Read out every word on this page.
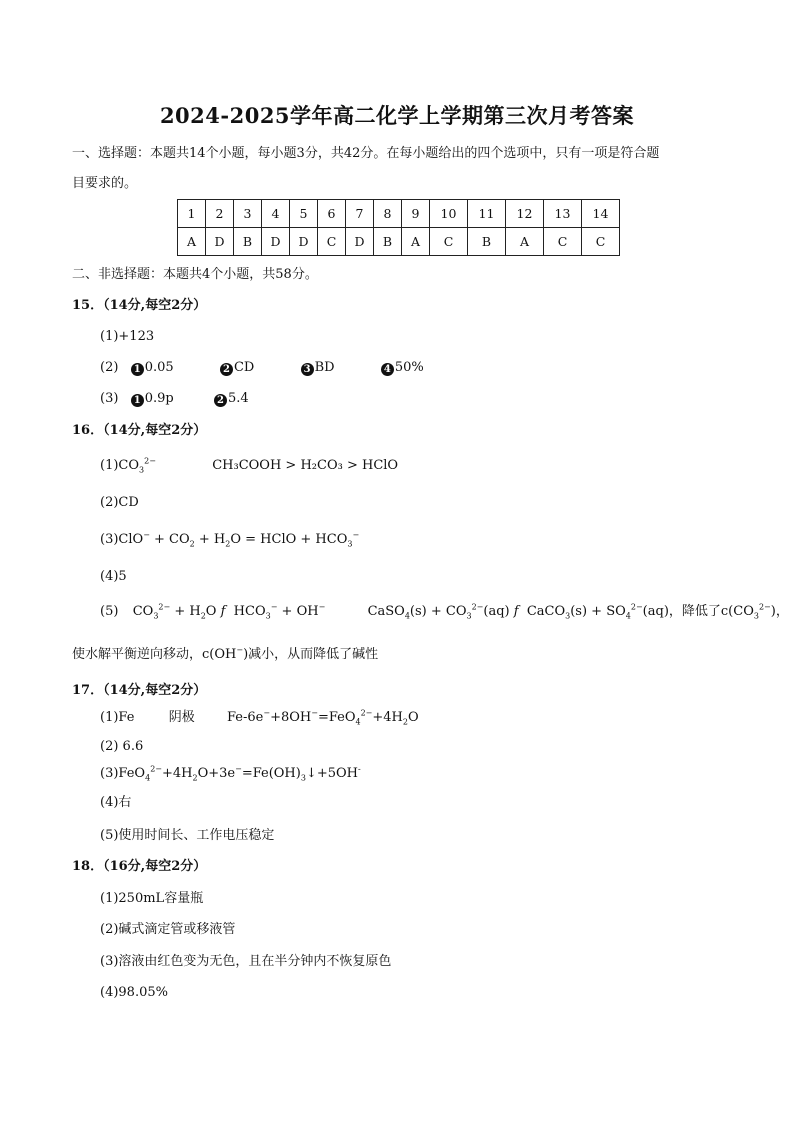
2024-2025学年高二化学上学期第三次月考答案
一、选择题：本题共14个小题，每小题3分，共42分。在每小题给出的四个选项中，只有一项是符合题
目要求的。
1	2	3	4	5	6	7	8	9	10	11	12	13	14
A	D	B	D	D	C	D	B	A	C	B	A	C	C
二、非选择题：本题共4个小题，共58分。
15．（14分,每空2分）
(1)+123
(2) 1 0.05	2 CD	3 BD	4 50%
(3) 1 0.9p	2 5.4
16．（14分,每空2分）
$(1)CO_3^{2-}$	CH₃COOH > H₂CO₃ > HClO
(2)CD
$(3)ClO^- + CO_2 + H_2O$ = HClO + $HCO_3^-$
(4)5
(5) $CO_3^{2-} + H_2O$ f  $HCO_3^- + OH^-$	CaSO$_4$(s) + $CO_3^{2-}(aq)$ f  CaCO$_3$(s) + $SO_4^{2-}(aq)$，降低了$c(CO_3^{2-})$，
使水解平衡逆向移动，c(OH−)减小，从而降低了碱性
17．（14分,每空2分）
(1)Fe	阴极 $Fe-6e^-+8OH^-=FeO_4^{2-}+4H_2O$
(2) 6.6
$(3)FeO_4^{2-}+4H_2O+3e^-=Fe(OH)_3↓+5OH^-$
(4)右
(5)使用时间长、工作电压稳定
18．（16分,每空2分）
(1)250mL容量瓶
(2)碱式滴定管或移液管
(3)溶液由红色变为无色，且在半分钟内不恢复原色
(4)98.05%
